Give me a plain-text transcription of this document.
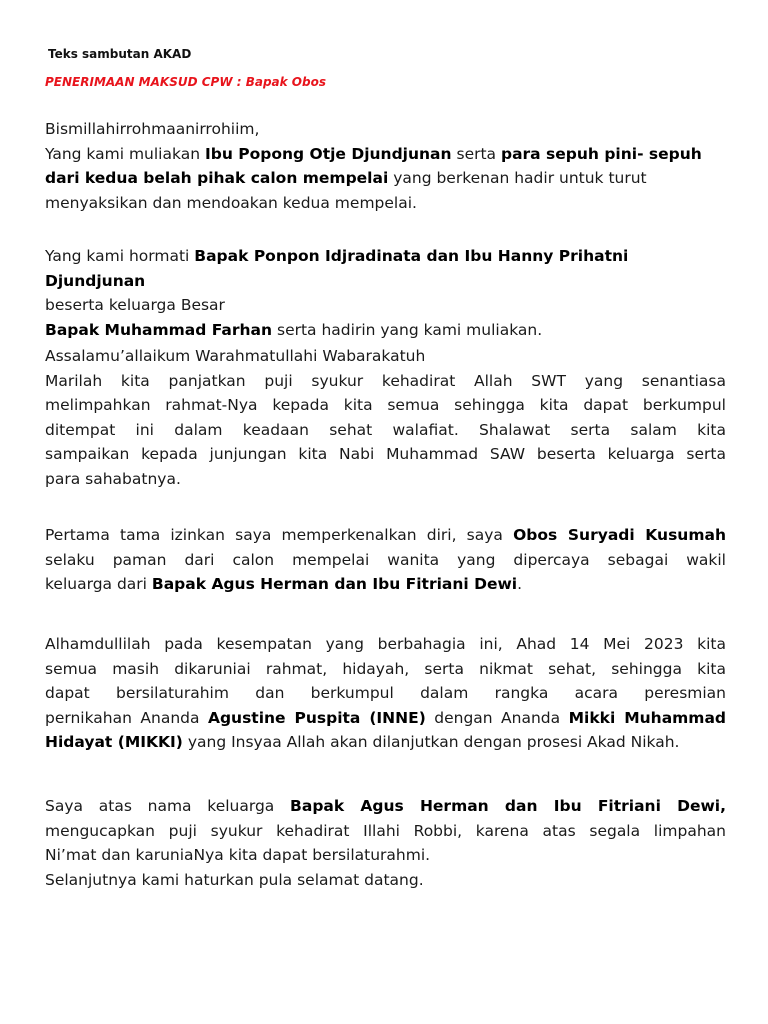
Teks sambutan AKAD

PENERIMAAN MAKSUD CPW : Bapak Obos

Bismillahirrohmaanirrohiim,
Yang kami muliakan Ibu Popong Otje Djundjunan serta para sepuh pini- sepuh
dari kedua belah pihak calon mempelai yang berkenan hadir untuk turut
menyaksikan dan mendoakan kedua mempelai.

Yang kami hormati Bapak Ponpon Idjradinata dan Ibu Hanny Prihatni Djundjunan
beserta keluarga Besar
Bapak Muhammad Farhan serta hadirin yang kami muliakan.

Assalamu’allaikum Warahmatullahi Wabarakatuh
Marilah kita panjatkan puji syukur kehadirat Allah SWT yang senantiasa
melimpahkan rahmat-Nya kepada kita semua sehingga kita dapat berkumpul
ditempat ini dalam keadaan sehat walafiat. Shalawat serta salam kita
sampaikan kepada junjungan kita Nabi Muhammad SAW beserta keluarga serta
para sahabatnya.

Pertama tama izinkan saya memperkenalkan diri, saya Obos Suryadi Kusumah
selaku paman dari calon mempelai wanita yang dipercaya sebagai wakil
keluarga dari Bapak Agus Herman dan Ibu Fitriani Dewi.

Alhamdullilah pada kesempatan yang berbahagia ini, Ahad 14 Mei 2023 kita
semua masih dikaruniai rahmat, hidayah, serta nikmat sehat, sehingga kita
dapat bersilaturahim dan berkumpul dalam rangka acara peresmian
pernikahan Ananda Agustine Puspita (INNE) dengan Ananda Mikki Muhammad
Hidayat (MIKKI) yang Insyaa Allah akan dilanjutkan dengan prosesi Akad Nikah.

Saya atas nama keluarga Bapak Agus Herman dan Ibu Fitriani Dewi,
mengucapkan puji syukur kehadirat Illahi Robbi, karena atas segala limpahan
Ni’mat dan karuniaNya kita dapat bersilaturahmi.
Selanjutnya kami haturkan pula selamat datang.
